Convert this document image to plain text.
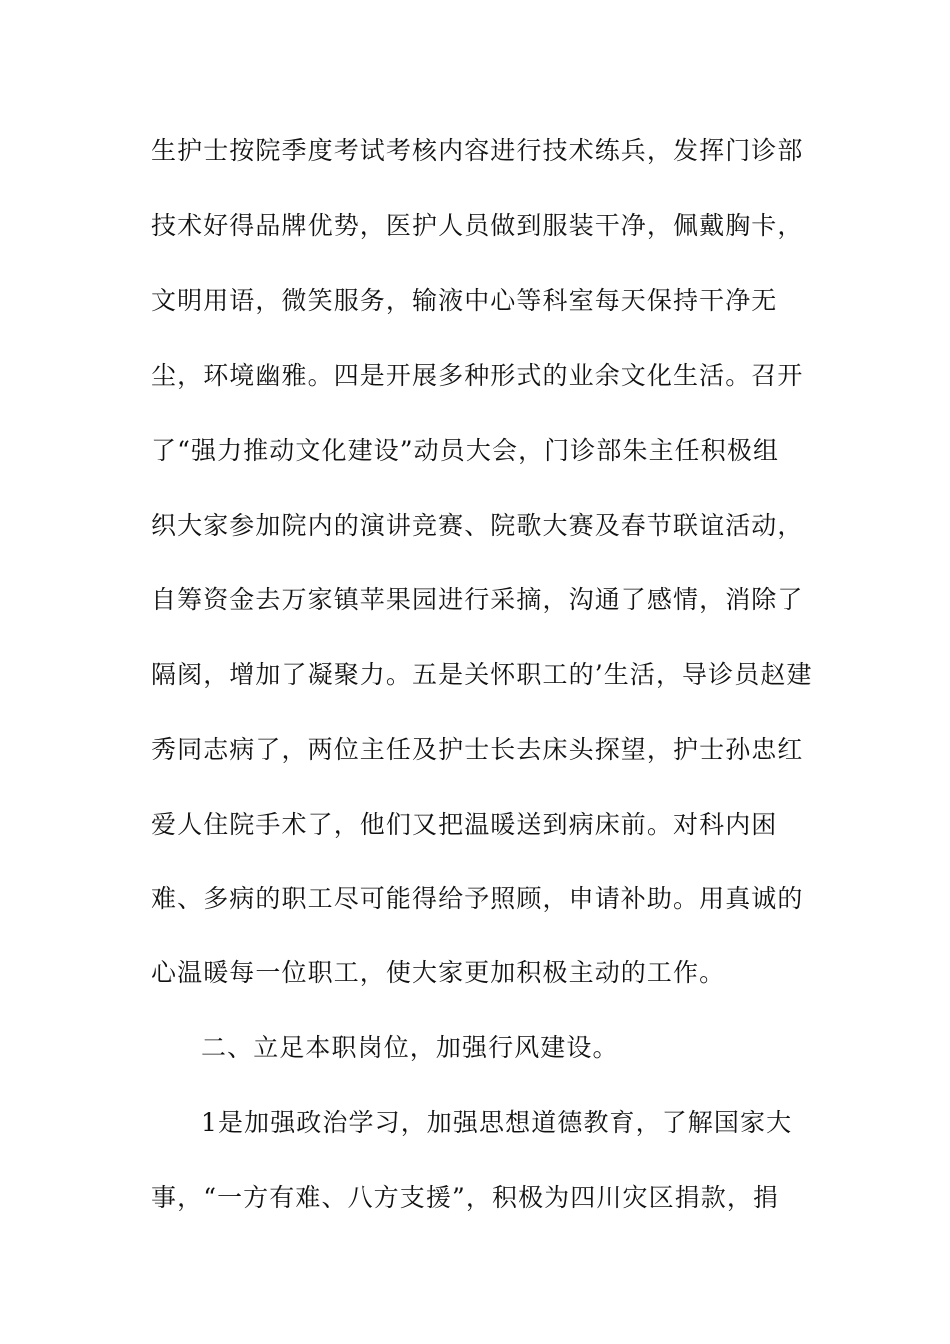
生护士按院季度考试考核内容进行技术练兵，发挥门诊部
技术好得品牌优势，医护人员做到服装干净，佩戴胸卡，
文明用语，微笑服务，输液中心等科室每天保持干净无
尘，环境幽雅。四是开展多种形式的业余文化生活。召开
了“强力推动文化建设”动员大会，门诊部朱主任积极组
织大家参加院内的演讲竞赛、院歌大赛及春节联谊活动，
自筹资金去万家镇苹果园进行采摘，沟通了感情，消除了
隔阂，增加了凝聚力。五是关怀职工的’生活，导诊员赵建
秀同志病了，两位主任及护士长去床头探望，护士孙忠红
爱人住院手术了，他们又把温暖送到病床前。对科内困
难、多病的职工尽可能得给予照顾，申请补助。用真诚的
心温暖每一位职工，使大家更加积极主动的工作。
二、立足本职岗位，加强行风建设。
1是加强政治学习，加强思想道德教育，了解国家大
事，“一方有难、八方支援”，积极为四川灾区捐款，捐
